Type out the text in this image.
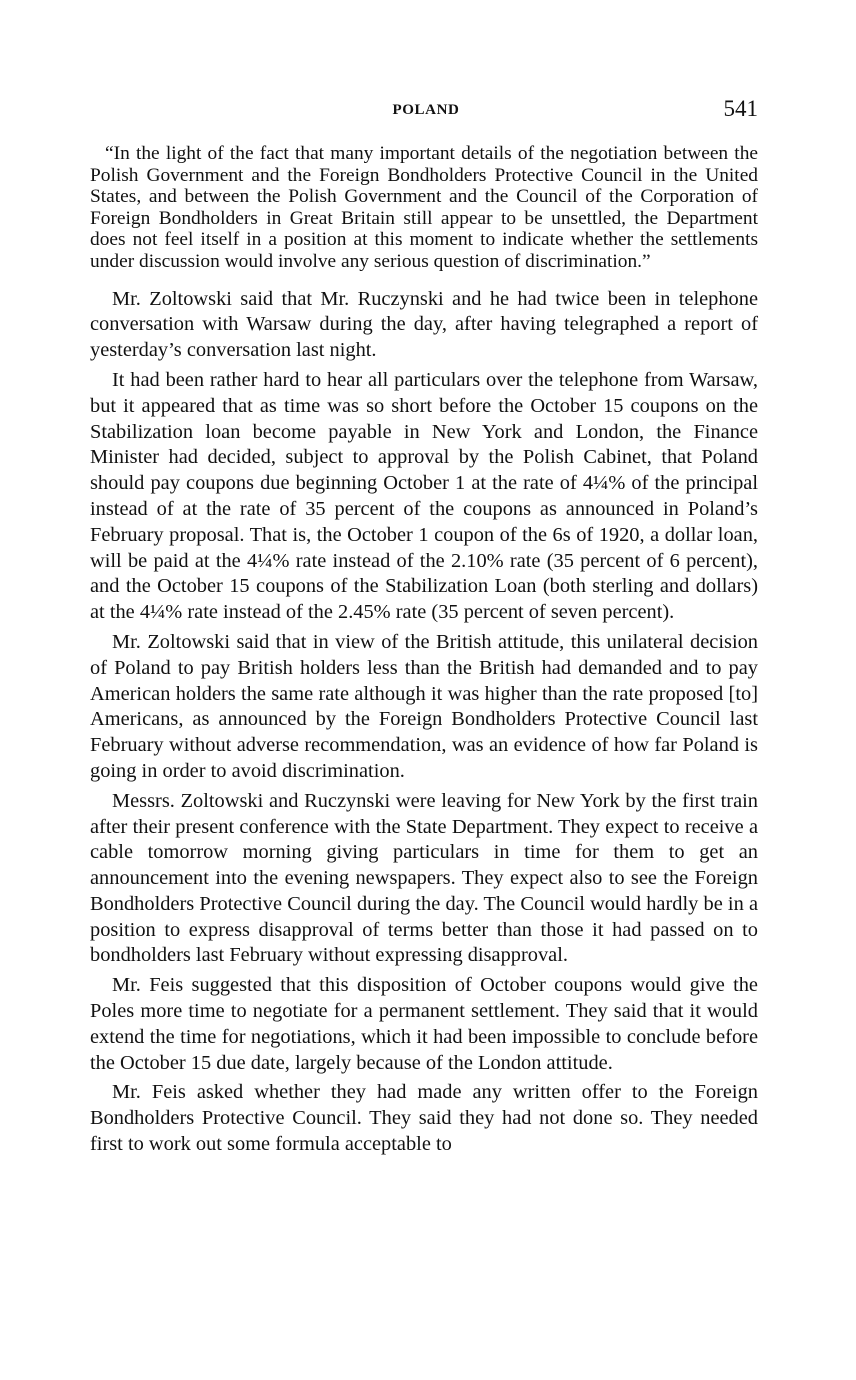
POLAND	541

“In the light of the fact that many important details of the negotiation between the Polish Government and the Foreign Bondholders Protective Council in the United States, and between the Polish Government and the Council of the Corporation of Foreign Bondholders in Great Britain still appear to be unsettled, the Department does not feel itself in a position at this moment to indicate whether the settlements under discussion would involve any serious question of discrimination.”

Mr. Zoltowski said that Mr. Ruczynski and he had twice been in telephone conversation with Warsaw during the day, after having telegraphed a report of yesterday’s conversation last night.

It had been rather hard to hear all particulars over the telephone from Warsaw, but it appeared that as time was so short before the October 15 coupons on the Stabilization loan become payable in New York and London, the Finance Minister had decided, subject to approval by the Polish Cabinet, that Poland should pay coupons due beginning October 1 at the rate of 4¼% of the principal instead of at the rate of 35 percent of the coupons as announced in Poland’s February proposal. That is, the October 1 coupon of the 6s of 1920, a dollar loan, will be paid at the 4¼% rate instead of the 2.10% rate (35 percent of 6 percent), and the October 15 coupons of the Stabilization Loan (both sterling and dollars) at the 4¼% rate instead of the 2.45% rate (35 percent of seven percent).

Mr. Zoltowski said that in view of the British attitude, this unilateral decision of Poland to pay British holders less than the British had demanded and to pay American holders the same rate although it was higher than the rate proposed [to] Americans, as announced by the Foreign Bondholders Protective Council last February without adverse recommendation, was an evidence of how far Poland is going in order to avoid discrimination.

Messrs. Zoltowski and Ruczynski were leaving for New York by the first train after their present conference with the State Department. They expect to receive a cable tomorrow morning giving particulars in time for them to get an announcement into the evening newspapers. They expect also to see the Foreign Bondholders Protective Council during the day. The Council would hardly be in a position to express disapproval of terms better than those it had passed on to bondholders last February without expressing disapproval.

Mr. Feis suggested that this disposition of October coupons would give the Poles more time to negotiate for a permanent settlement. They said that it would extend the time for negotiations, which it had been impossible to conclude before the October 15 due date, largely because of the London attitude.

Mr. Feis asked whether they had made any written offer to the Foreign Bondholders Protective Council. They said they had not done so. They needed first to work out some formula acceptable to
